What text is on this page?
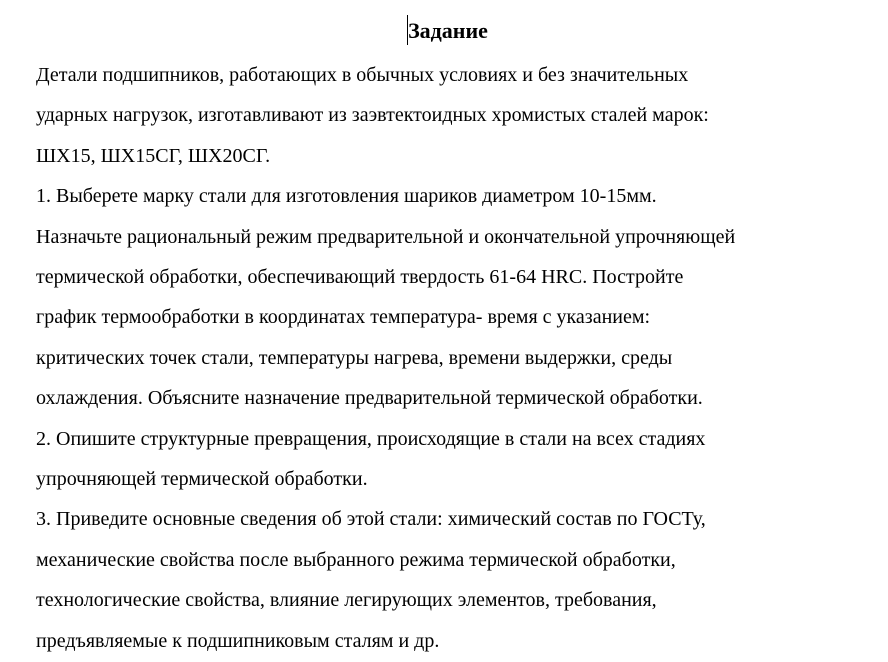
Задание
Детали подшипников, работающих в обычных условиях и без значительных
ударных нагрузок, изготавливают из заэвтектоидных хромистых сталей марок:
ШХ15, ШХ15СГ, ШХ20СГ.
1. Выберете марку стали для изготовления шариков диаметром 10-15мм.
Назначьте рациональный режим предварительной и окончательной упрочняющей
термической обработки, обеспечивающий твердость 61-64 HRC. Постройте
график термообработки в координатах температура- время с указанием:
критических точек стали, температуры нагрева, времени выдержки, среды
охлаждения. Объясните назначение предварительной термической обработки.
2. Опишите структурные превращения, происходящие в стали на всех стадиях
упрочняющей термической обработки.
3. Приведите основные сведения об этой стали: химический состав по ГОСТу,
механические свойства после выбранного режима термической обработки,
технологические свойства, влияние легирующих элементов, требования,
предъявляемые к подшипниковым сталям и др.
